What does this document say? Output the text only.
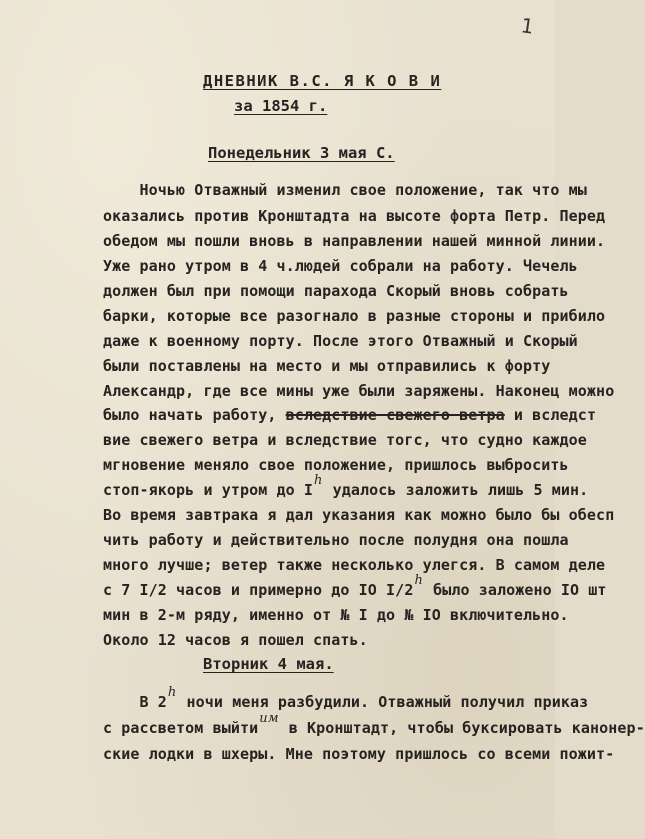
1
ДНЕВНИК В.С. Я К О В И
за 1854 г.
Понедельник 3 мая С.
Ночью Отважный изменил свое положение, так что мы
оказались против Кронштадта на высоте форта Петр. Перед
обедом мы пошли вновь в направлении нашей минной линии.
Уже рано утром в 4 ч.людей собрали на работу. Чечель
должен был при помощи парахода Скорый вновь собрать
барки, которые все разогнало в разные стороны и прибило
даже к военному порту. После этого Отважный и Скорый
были поставлены на место и мы отправились к форту
Александр, где все мины уже были заряжены. Наконец можно
было начать работу, вследствие свежего ветра и вследст
вие свежего ветра и вследствие тогс, что судно каждое
мгновение меняло свое положение, пришлось выбросить
стоп-якорь и утром до Ih удалось заложить лишь 5 мин.
Во время завтрака я дал указания как можно было бы обесп
чить работу и действительно после полудня она пошла
много лучше; ветер также несколько улегся. В самом деле
с 7 I/2 часов и примерно до IO I/2h было заложено IO шт
мин в 2-м ряду, именно от № I до № IO включительно.
Около 12 часов я пошел спать.
Вторник 4 мая.
В 2h ночи меня разбудили. Отважный получил приказ
с рассветом выйтиим в Кронштадт, чтобы буксировать канонер-
ские лодки в шхеры. Мне поэтому пришлось со всеми пожит-
